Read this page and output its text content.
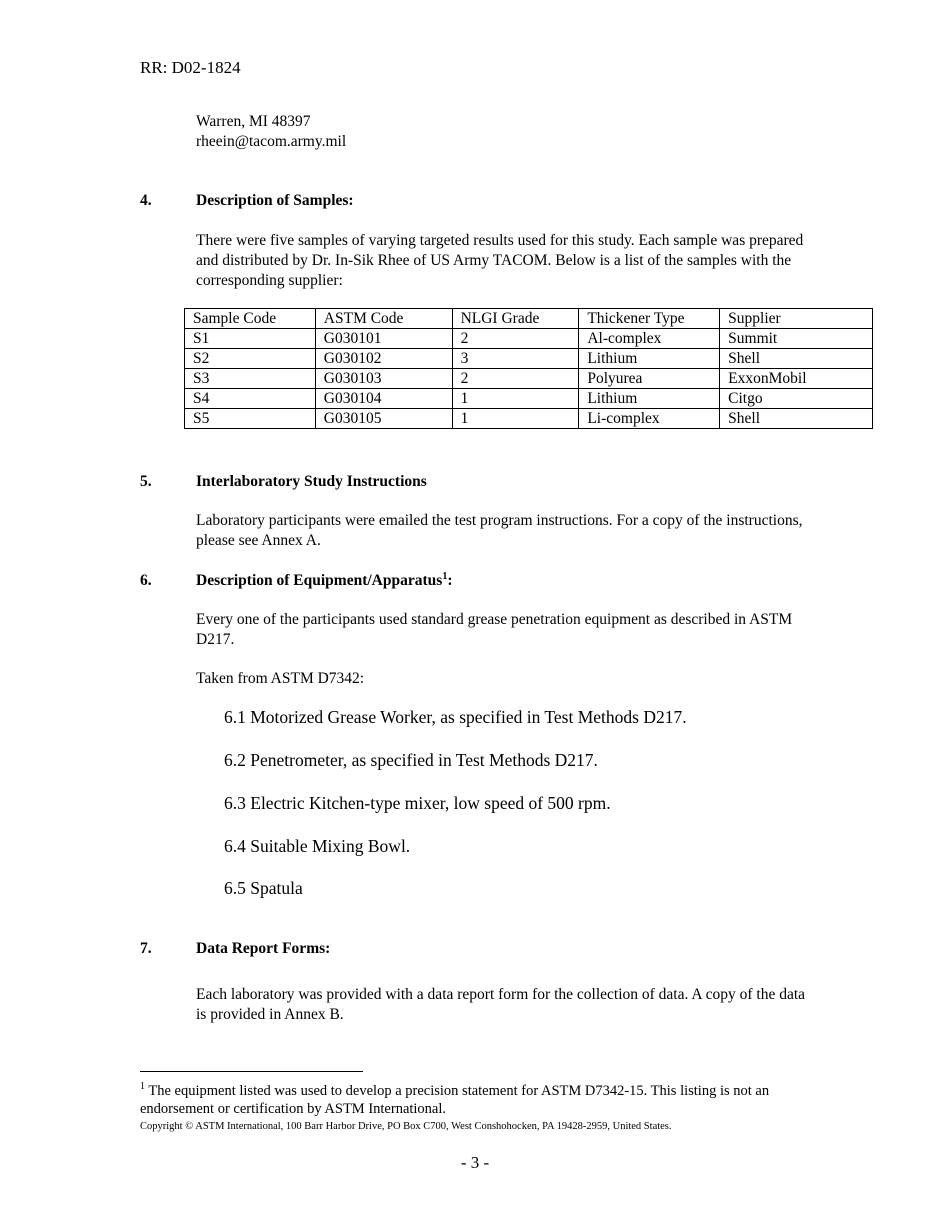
RR: D02-1824
Warren, MI 48397
rheein@tacom.army.mil
4.	Description of Samples:

There were five samples of varying targeted results used for this study. Each sample was prepared and distributed by Dr. In-Sik Rhee of US Army TACOM. Below is a list of the samples with the corresponding supplier:

Sample Code	ASTM Code	NLGI Grade	Thickener Type	Supplier
S1	G030101	2	Al-complex	Summit
S2	G030102	3	Lithium	Shell
S3	G030103	2	Polyurea	ExxonMobil
S4	G030104	1	Lithium	Citgo
S5	G030105	1	Li-complex	Shell
5.	Interlaboratory Study Instructions

Laboratory participants were emailed the test program instructions. For a copy of the instructions, please see Annex A.

6.	Description of Equipment/Apparatus$^1$:

Every one of the participants used standard grease penetration equipment as described in ASTM D217.

Taken from ASTM D7342:
6.1 Motorized Grease Worker, as specified in Test Methods D217.
6.2 Penetrometer, as specified in Test Methods D217.
6.3 Electric Kitchen-type mixer, low speed of 500 rpm.
6.4 Suitable Mixing Bowl.
6.5 Spatula
7.	Data Report Forms:

Each laboratory was provided with a data report form for the collection of data. A copy of the data is provided in Annex B.

$^1$ The equipment listed was used to develop a precision statement for ASTM D7342-15. This listing is not an endorsement or certification by ASTM International.
Copyright © ASTM International, 100 Barr Harbor Drive, PO Box C700, West Conshohocken, PA 19428-2959, United States.
- 3 -
